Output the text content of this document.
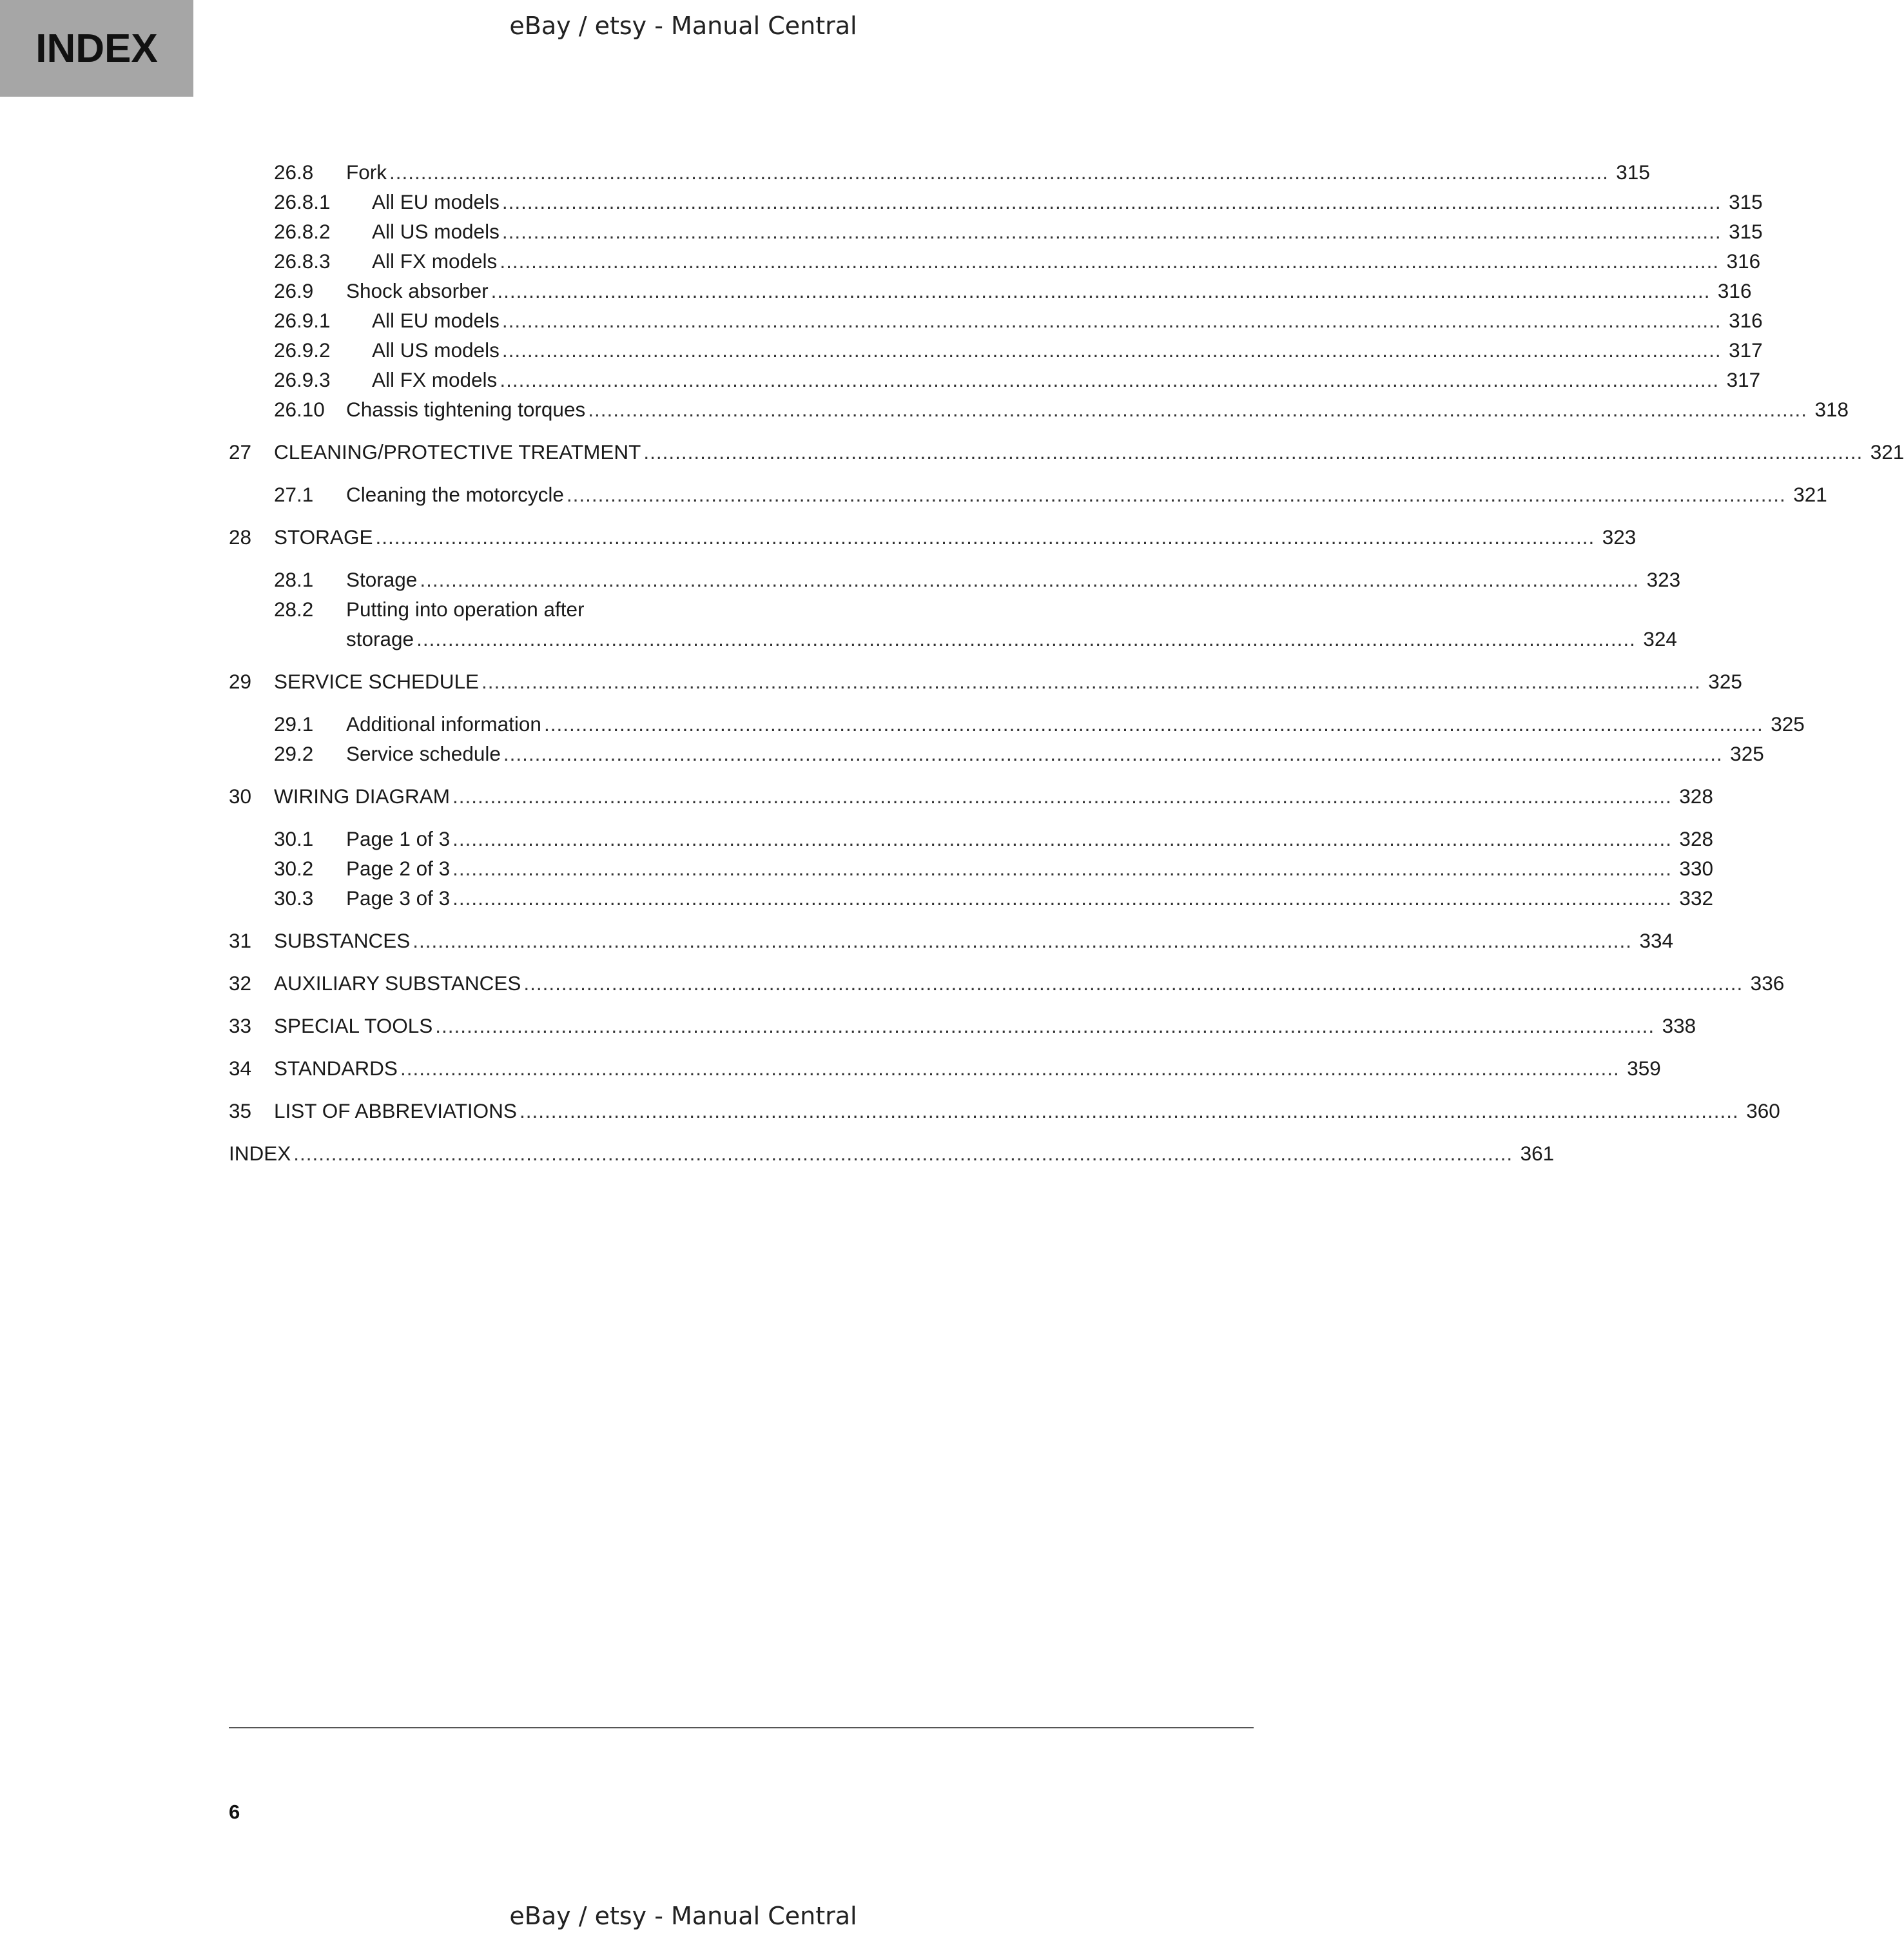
INDEX
eBay / etsy - Manual Central
26.8 Fork .....	315
26.8.1 All EU models .....	315
26.8.2 All US models .....	315
26.8.3 All FX models .....	316
26.9 Shock absorber .....	316
26.9.1 All EU models .....	316
26.9.2 All US models .....	317
26.9.3 All FX models .....	317
26.10 Chassis tightening torques .....	318
27 CLEANING/PROTECTIVE TREATMENT .....	321
27.1 Cleaning the motorcycle .....	321
28 STORAGE .....	323
28.1 Storage .....	323
28.2 Putting into operation after
storage .....	324
29 SERVICE SCHEDULE .....	325
29.1 Additional information .....	325
29.2 Service schedule .....	325
30 WIRING DIAGRAM .....	328
30.1 Page 1 of 3 .....	328
30.2 Page 2 of 3 .....	330
30.3 Page 3 of 3 .....	332
31 SUBSTANCES .....	334
32 AUXILIARY SUBSTANCES .....	336
33 SPECIAL TOOLS .....	338
34 STANDARDS .....	359
35 LIST OF ABBREVIATIONS .....	360
INDEX .....	361
6
eBay / etsy - Manual Central
